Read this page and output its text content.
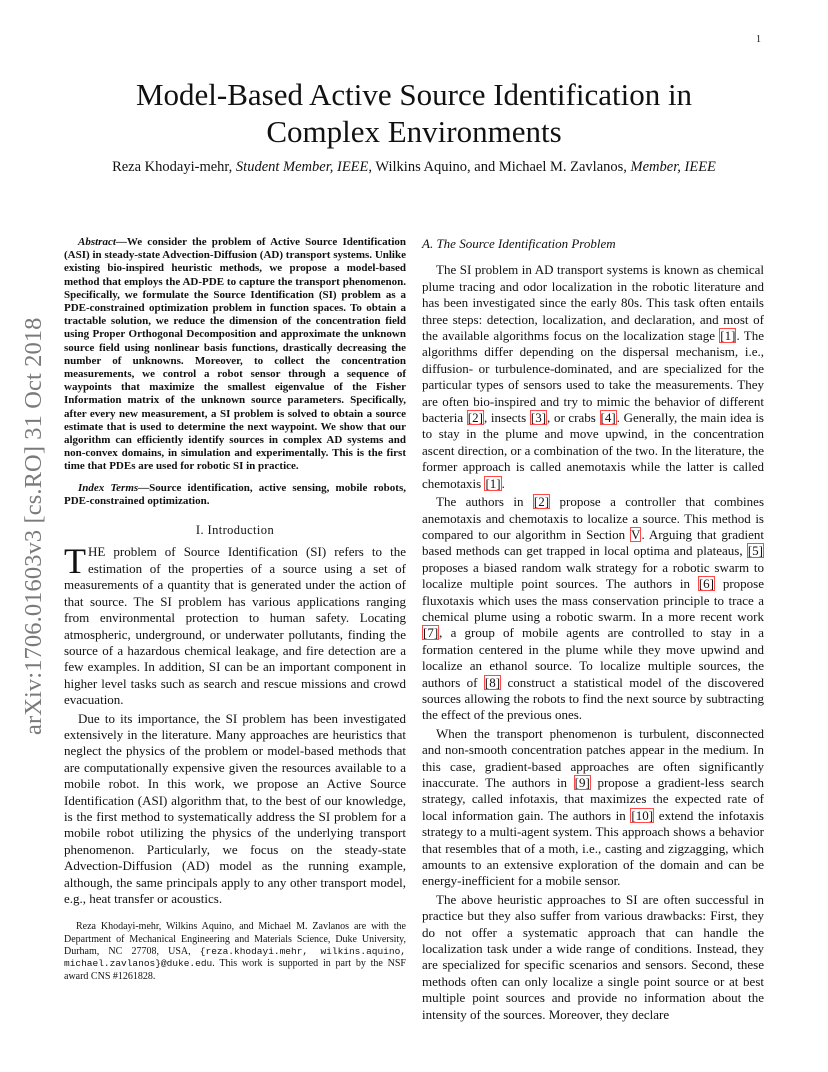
1
arXiv:1706.01603v3 [cs.RO] 31 Oct 2018
Model-Based Active Source Identification in
Complex Environments

Reza Khodayi-mehr, Student Member, IEEE, Wilkins Aquino, and Michael M. Zavlanos, Member, IEEE

Abstract—We consider the problem of Active Source Identification (ASI) in steady-state Advection-Diffusion (AD) transport systems. Unlike existing bio-inspired heuristic methods, we propose a model-based method that employs the AD-PDE to capture the transport phenomenon. Specifically, we formulate the Source Identification (SI) problem as a PDE-constrained optimization problem in function spaces. To obtain a tractable solution, we reduce the dimension of the concentration field using Proper Orthogonal Decomposition and approximate the unknown source field using nonlinear basis functions, drastically decreasing the number of unknowns. Moreover, to collect the concentration measurements, we control a robot sensor through a sequence of waypoints that maximize the smallest eigenvalue of the Fisher Information matrix of the unknown source parameters. Specifically, after every new measurement, a SI problem is solved to obtain a source estimate that is used to determine the next waypoint. We show that our algorithm can efficiently identify sources in complex AD systems and non-convex domains, in simulation and experimentally. This is the first time that PDEs are used for robotic SI in practice.

Index Terms—Source identification, active sensing, mobile robots, PDE-constrained optimization.

I. Introduction

THE problem of Source Identification (SI) refers to the estimation of the properties of a source using a set of measurements of a quantity that is generated under the action of that source. The SI problem has various applications ranging from environmental protection to human safety. Locating atmospheric, underground, or underwater pollutants, finding the source of a hazardous chemical leakage, and fire detection are a few examples. In addition, SI can be an important component in higher level tasks such as search and rescue missions and crowd evacuation.

Due to its importance, the SI problem has been investigated extensively in the literature. Many approaches are heuristics that neglect the physics of the problem or model-based methods that are computationally expensive given the resources available to a mobile robot. In this work, we propose an Active Source Identification (ASI) algorithm that, to the best of our knowledge, is the first method to systematically address the SI problem for a mobile robot utilizing the physics of the underlying transport phenomenon. Particularly, we focus on the steady-state Advection-Diffusion (AD) model as the running example, although, the same principals apply to any other transport model, e.g., heat transfer or acoustics.

Reza Khodayi-mehr, Wilkins Aquino, and Michael M. Zavlanos are with the Department of Mechanical Engineering and Materials Science, Duke University, Durham, NC 27708, USA, {reza.khodayi.mehr, wilkins.aquino, michael.zavlanos}@duke.edu. This work is supported in part by the NSF award CNS #1261828.

A. The Source Identification Problem

The SI problem in AD transport systems is known as chemical plume tracing and odor localization in the robotic literature and has been investigated since the early 80s. This task often entails three steps: detection, localization, and declaration, and most of the available algorithms focus on the localization stage [1]. The algorithms differ depending on the dispersal mechanism, i.e., diffusion- or turbulence-dominated, and are specialized for the particular types of sensors used to take the measurements. They are often bio-inspired and try to mimic the behavior of different bacteria [2], insects [3], or crabs [4]. Generally, the main idea is to stay in the plume and move upwind, in the concentration ascent direction, or a combination of the two. In the literature, the former approach is called anemotaxis while the latter is called chemotaxis [1].

The authors in [2] propose a controller that combines anemotaxis and chemotaxis to localize a source. This method is compared to our algorithm in Section V. Arguing that gradient based methods can get trapped in local optima and plateaus, [5] proposes a biased random walk strategy for a robotic swarm to localize multiple point sources. The authors in [6] propose fluxotaxis which uses the mass conservation principle to trace a chemical plume using a robotic swarm. In a more recent work [7], a group of mobile agents are controlled to stay in a formation centered in the plume while they move upwind and localize an ethanol source. To localize multiple sources, the authors of [8] construct a statistical model of the discovered sources allowing the robots to find the next source by subtracting the effect of the previous ones.

When the transport phenomenon is turbulent, disconnected and non-smooth concentration patches appear in the medium. In this case, gradient-based approaches are often significantly inaccurate. The authors in [9] propose a gradient-less search strategy, called infotaxis, that maximizes the expected rate of local information gain. The authors in [10] extend the infotaxis strategy to a multi-agent system. This approach shows a behavior that resembles that of a moth, i.e., casting and zigzagging, which amounts to an extensive exploration of the domain and can be energy-inefficient for a mobile sensor.

The above heuristic approaches to SI are often successful in practice but they also suffer from various drawbacks: First, they do not offer a systematic approach that can handle the localization task under a wide range of conditions. Instead, they are specialized for specific scenarios and sensors. Second, these methods often can only localize a single point source or at best multiple point sources and provide no information about the intensity of the sources. Moreover, they declare
